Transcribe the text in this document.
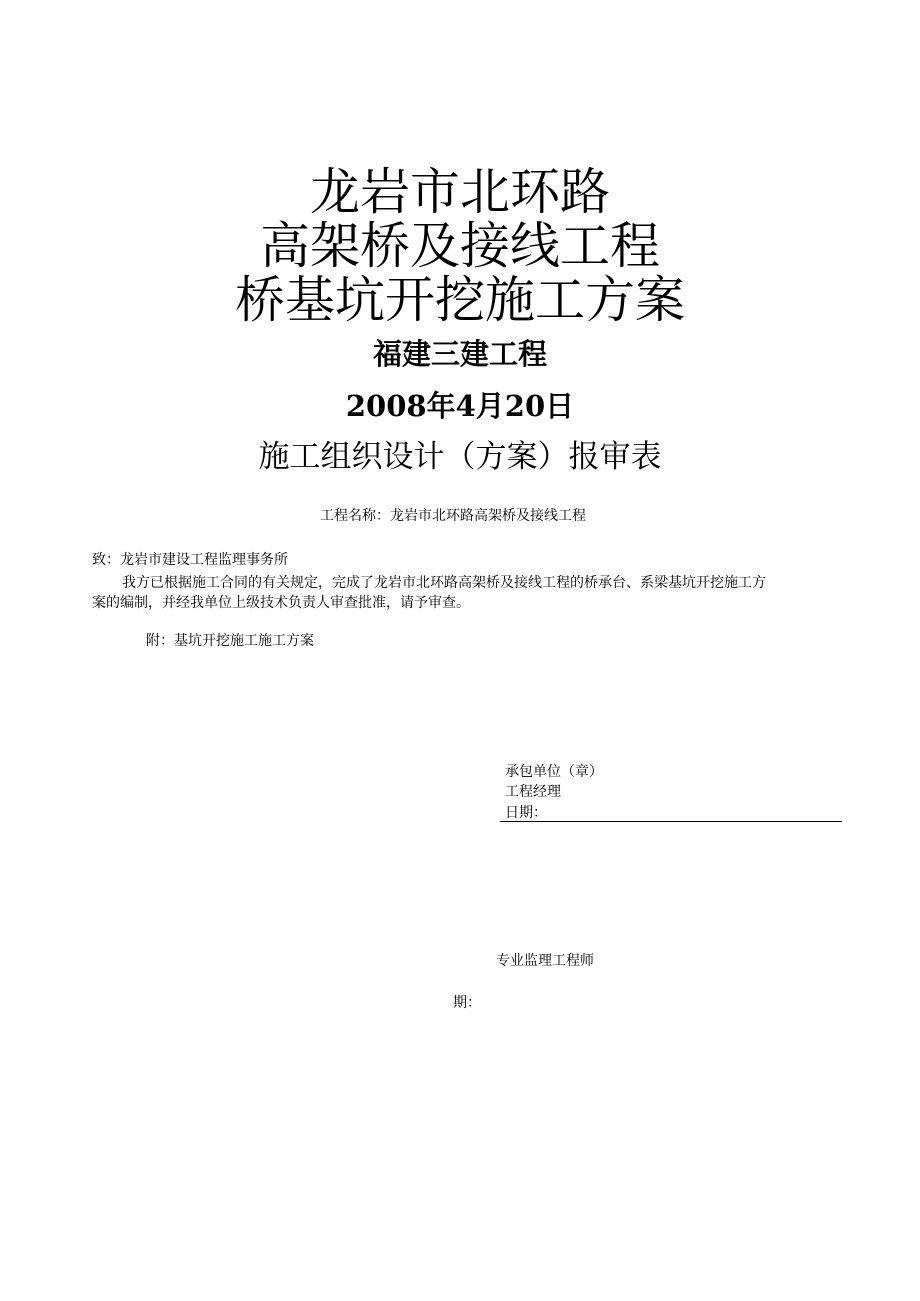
龙岩市北环路
高架桥及接线工程
桥基坑开挖施工方案
福建三建工程
2008年4月20日
施工组织设计（方案）报审表
工程名称：龙岩市北环路高架桥及接线工程
致：龙岩市建设工程监理事务所
我方已根据施工合同的有关规定，完成了龙岩市北环路高架桥及接线工程的桥承台、系梁基坑开挖施工方
案的编制，并经我单位上级技术负责人审查批准，请予审查。
附：基坑开挖施工施工方案
承包单位（章）
工程经理
日期：
专业监理工程师
期：
